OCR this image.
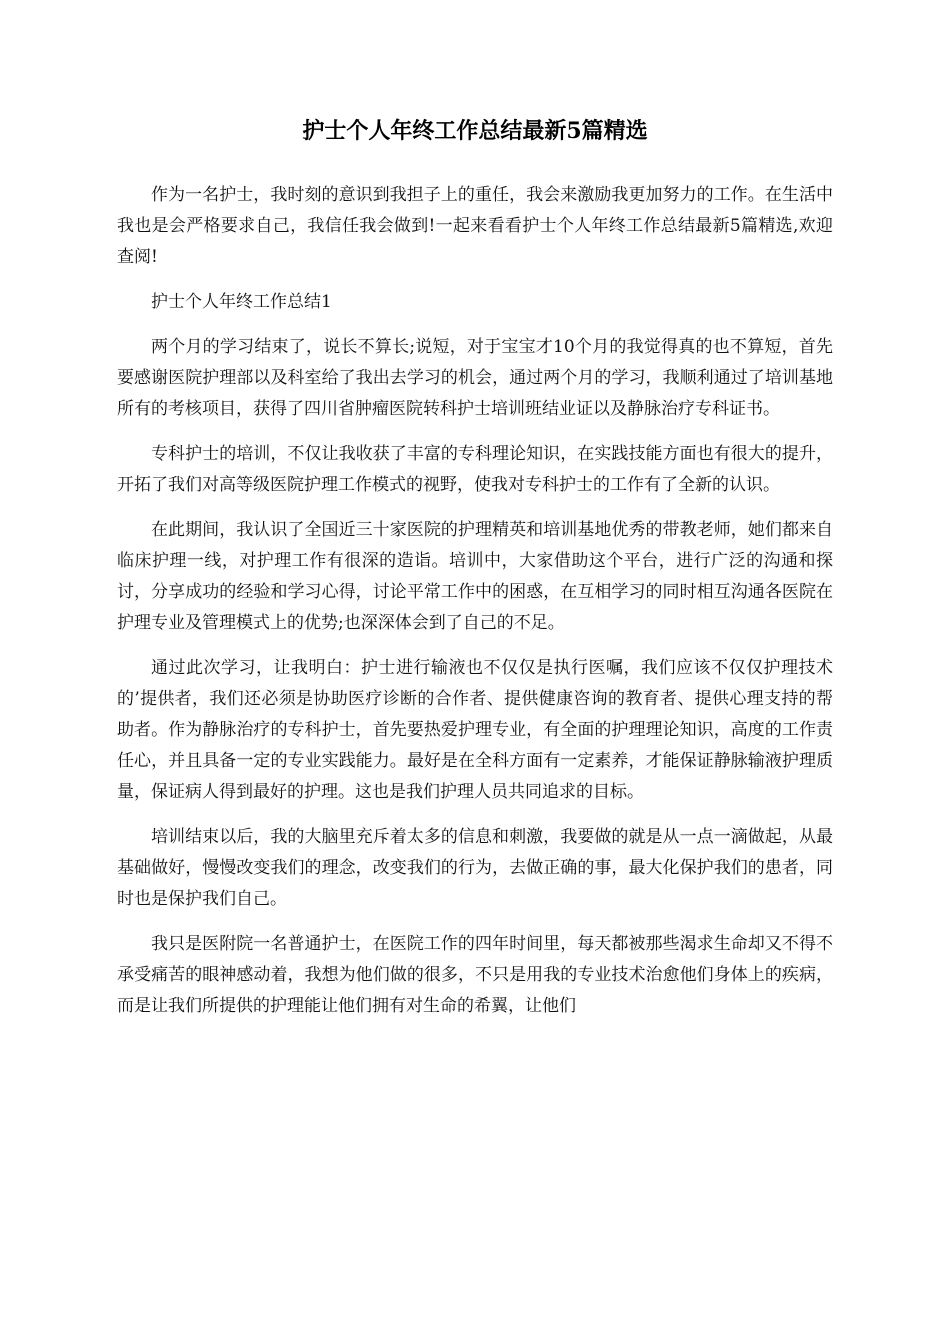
护士个人年终工作总结最新5篇精选

作为一名护士，我时刻的意识到我担子上的重任，我会来激励我更加努力的工作。在生活中我也是会严格要求自己，我信任我会做到!一起来看看护士个人年终工作总结最新5篇精选,欢迎查阅!

护士个人年终工作总结1

两个月的学习结束了，说长不算长;说短，对于宝宝才10个月的我觉得真的也不算短，首先要感谢医院护理部以及科室给了我出去学习的机会，通过两个月的学习，我顺利通过了培训基地所有的考核项目，获得了四川省肿瘤医院转科护士培训班结业证以及静脉治疗专科证书。

专科护士的培训，不仅让我收获了丰富的专科理论知识，在实践技能方面也有很大的提升，开拓了我们对高等级医院护理工作模式的视野，使我对专科护士的工作有了全新的认识。

在此期间，我认识了全国近三十家医院的护理精英和培训基地优秀的带教老师，她们都来自临床护理一线，对护理工作有很深的造诣。培训中，大家借助这个平台，进行广泛的沟通和探讨，分享成功的经验和学习心得，讨论平常工作中的困惑，在互相学习的同时相互沟通各医院在护理专业及管理模式上的优势;也深深体会到了自己的不足。

通过此次学习，让我明白：护士进行输液也不仅仅是执行医嘱，我们应该不仅仅护理技术的’提供者，我们还必须是协助医疗诊断的合作者、提供健康咨询的教育者、提供心理支持的帮助者。作为静脉治疗的专科护士，首先要热爱护理专业，有全面的护理理论知识，高度的工作责任心，并且具备一定的专业实践能力。最好是在全科方面有一定素养，才能保证静脉输液护理质量，保证病人得到最好的护理。这也是我们护理人员共同追求的目标。

培训结束以后，我的大脑里充斥着太多的信息和刺激，我要做的就是从一点一滴做起，从最基础做好，慢慢改变我们的理念，改变我们的行为，去做正确的事，最大化保护我们的患者，同时也是保护我们自己。

我只是医附院一名普通护士，在医院工作的四年时间里，每天都被那些渴求生命却又不得不承受痛苦的眼神感动着，我想为他们做的很多，不只是用我的专业技术治愈他们身体上的疾病，而是让我们所提供的护理能让他们拥有对生命的希翼，让他们
